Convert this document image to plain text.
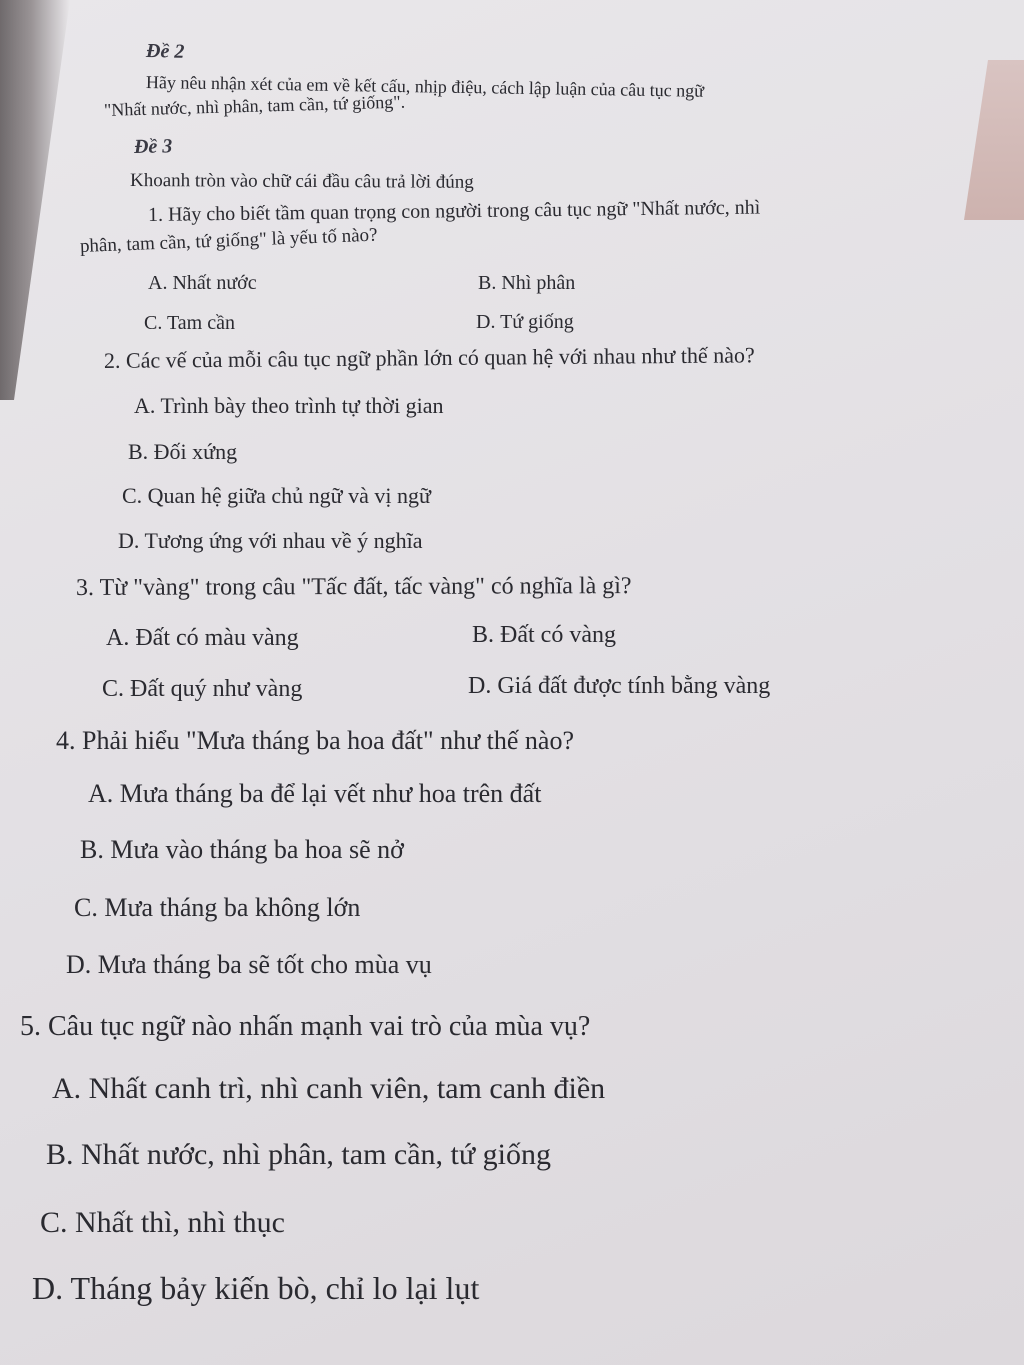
Đề 2
Hãy nêu nhận xét của em về kết cấu, nhịp điệu, cách lập luận của câu tục ngữ
"Nhất nước, nhì phân, tam cần, tứ giống".
Đề 3
Khoanh tròn vào chữ cái đầu câu trả lời đúng
1. Hãy cho biết tầm quan trọng con người trong câu tục ngữ "Nhất nước, nhì
phân, tam cần, tứ giống" là yếu tố nào?
A. Nhất nước	B. Nhì phân
C. Tam cần	D. Tứ giống
2. Các vế của mỗi câu tục ngữ phần lớn có quan hệ với nhau như thế nào?
A. Trình bày theo trình tự thời gian
B. Đối xứng
C. Quan hệ giữa chủ ngữ và vị ngữ
D. Tương ứng với nhau về ý nghĩa
3. Từ "vàng" trong câu "Tấc đất, tấc vàng" có nghĩa là gì?
A. Đất có màu vàng	B. Đất có vàng
C. Đất quý như vàng	D. Giá đất được tính bằng vàng
4. Phải hiểu "Mưa tháng ba hoa đất" như thế nào?
A. Mưa tháng ba để lại vết như hoa trên đất
B. Mưa vào tháng ba hoa sẽ nở
C. Mưa tháng ba không lớn
D. Mưa tháng ba sẽ tốt cho mùa vụ
5. Câu tục ngữ nào nhấn mạnh vai trò của mùa vụ?
A. Nhất canh trì, nhì canh viên, tam canh điền
B. Nhất nước, nhì phân, tam cần, tứ giống
C. Nhất thì, nhì thục
D. Tháng bảy kiến bò, chỉ lo lại lụt
